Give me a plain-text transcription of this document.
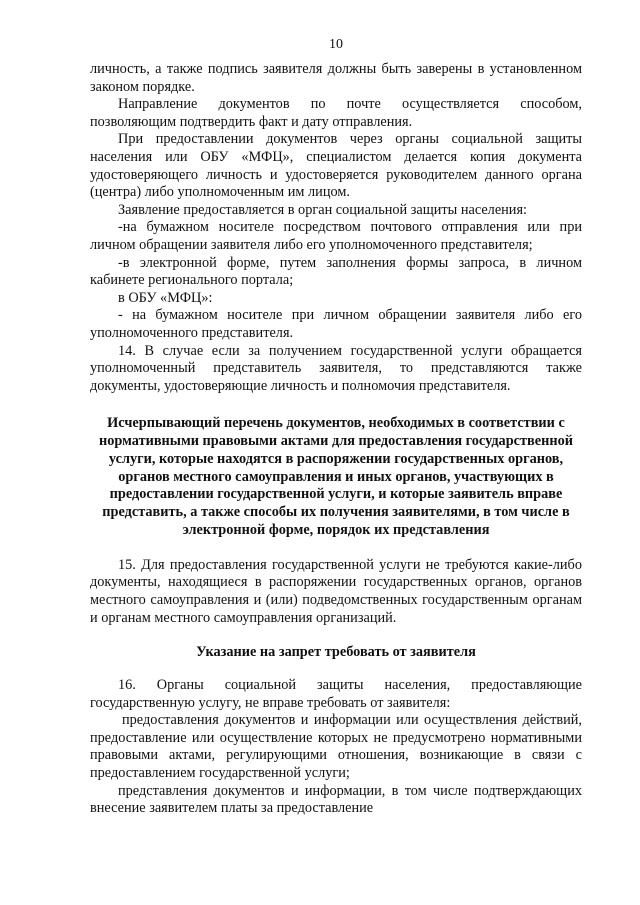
10

личность, а также подпись заявителя должны быть заверены в установленном законом порядке.

Направление документов по почте осуществляется способом, позволяющим подтвердить факт и дату отправления.

При предоставлении документов через органы социальной защиты населения или ОБУ «МФЦ», специалистом делается копия документа удостоверяющего личность и удостоверяется руководителем данного органа (центра) либо уполномоченным им лицом.

Заявление предоставляется в орган социальной защиты населения:

-на бумажном носителе посредством почтового отправления или при личном обращении заявителя либо его уполномоченного представителя;

-в электронной форме, путем заполнения формы запроса, в личном кабинете регионального портала;

в ОБУ «МФЦ»:

- на бумажном носителе при личном обращении заявителя либо его уполномоченного представителя.

14. В случае если за получением государственной услуги обращается уполномоченный представитель заявителя, то представляются также документы, удостоверяющие личность и полномочия представителя.

Исчерпывающий перечень документов, необходимых в соответствии с нормативными правовыми актами для предоставления государственной услуги, которые находятся в распоряжении государственных органов, органов местного самоуправления и иных органов, участвующих в предоставлении государственной услуги, и которые заявитель вправе представить, а также способы их получения заявителями, в том числе в электронной форме, порядок их представления

15. Для предоставления государственной услуги не требуются какие-либо документы, находящиеся в распоряжении государственных органов, органов местного самоуправления и (или) подведомственных государственным органам и органам местного самоуправления организаций.

Указание на запрет требовать от заявителя

16. Органы социальной защиты населения, предоставляющие государственную услугу, не вправе требовать от заявителя:

предоставления документов и информации или осуществления действий, предоставление или осуществление которых не предусмотрено нормативными правовыми актами, регулирующими отношения, возникающие в связи с предоставлением государственной услуги;

представления документов и информации, в том числе подтверждающих внесение заявителем платы за предоставление
